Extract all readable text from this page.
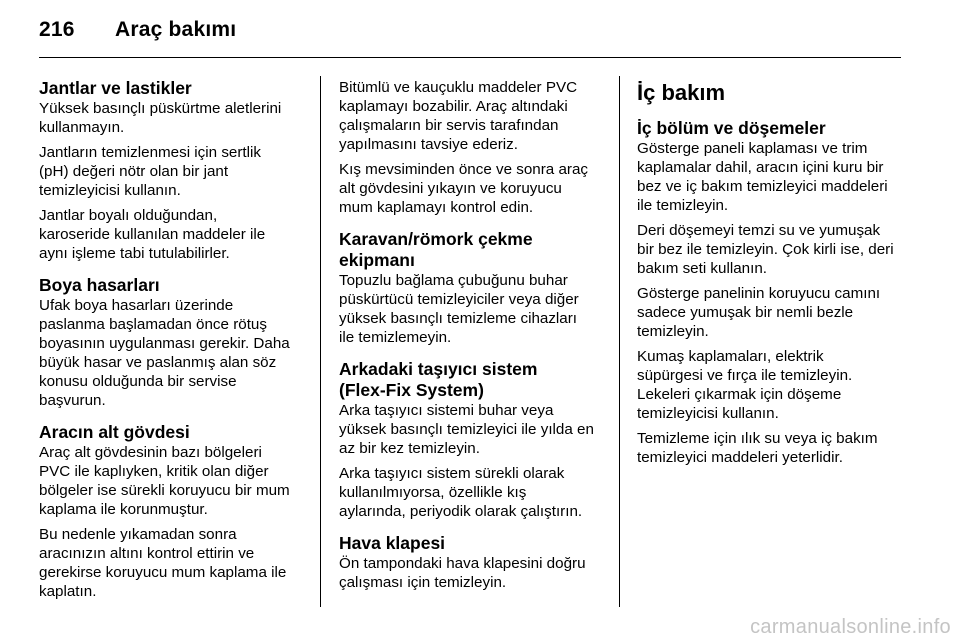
216 Araç bakımı
Jantlar ve lastikler

Yüksek basınçlı püskürtme aletlerini
kullanmayın.

Jantların temizlenmesi için sertlik
(pH) değeri nötr olan bir jant
temizleyicisi kullanın.

Jantlar boyalı olduğundan,
karoseride kullanılan maddeler ile
aynı işleme tabi tutulabilirler.

Boya hasarları

Ufak boya hasarları üzerinde
paslanma başlamadan önce rötuş
boyasının uygulanması gerekir. Daha
büyük hasar ve paslanmış alan söz
konusu olduğunda bir servise
başvurun.

Aracın alt gövdesi

Araç alt gövdesinin bazı bölgeleri
PVC ile kaplıyken, kritik olan diğer
bölgeler ise sürekli koruyucu bir mum
kaplama ile korunmuştur.

Bu nedenle yıkamadan sonra
aracınızın altını kontrol ettirin ve
gerekirse koruyucu mum kaplama ile
kaplatın.

Bitümlü ve kauçuklu maddeler PVC
kaplamayı bozabilir. Araç altındaki
çalışmaların bir servis tarafından
yapılmasını tavsiye ederiz.

Kış mevsiminden önce ve sonra araç
alt gövdesini yıkayın ve koruyucu
mum kaplamayı kontrol edin.

Karavan/römork çekme
ekipmanı

Topuzlu bağlama çubuğunu buhar
püskürtücü temizleyiciler veya diğer
yüksek basınçlı temizleme cihazları
ile temizlemeyin.

Arkadaki taşıyıcı sistem
(Flex-Fix System)

Arka taşıyıcı sistemi buhar veya
yüksek basınçlı temizleyici ile yılda en
az bir kez temizleyin.

Arka taşıyıcı sistem sürekli olarak
kullanılmıyorsa, özellikle kış
aylarında, periyodik olarak çalıştırın.

Hava klapesi

Ön tampondaki hava klapesini doğru
çalışması için temizleyin.

İç bakım
İç bölüm ve döşemeler

Gösterge paneli kaplaması ve trim
kaplamalar dahil, aracın içini kuru bir
bez ve iç bakım temizleyici maddeleri
ile temizleyin.

Deri döşemeyi temzi su ve yumuşak
bir bez ile temizleyin. Çok kirli ise, deri
bakım seti kullanın.

Gösterge panelinin koruyucu camını
sadece yumuşak bir nemli bezle
temizleyin.

Kumaş kaplamaları, elektrik
süpürgesi ve fırça ile temizleyin.
Lekeleri çıkarmak için döşeme
temizleyicisi kullanın.

Temizleme için ılık su veya iç bakım
temizleyici maddeleri yeterlidir.

carmanualsonline.info
